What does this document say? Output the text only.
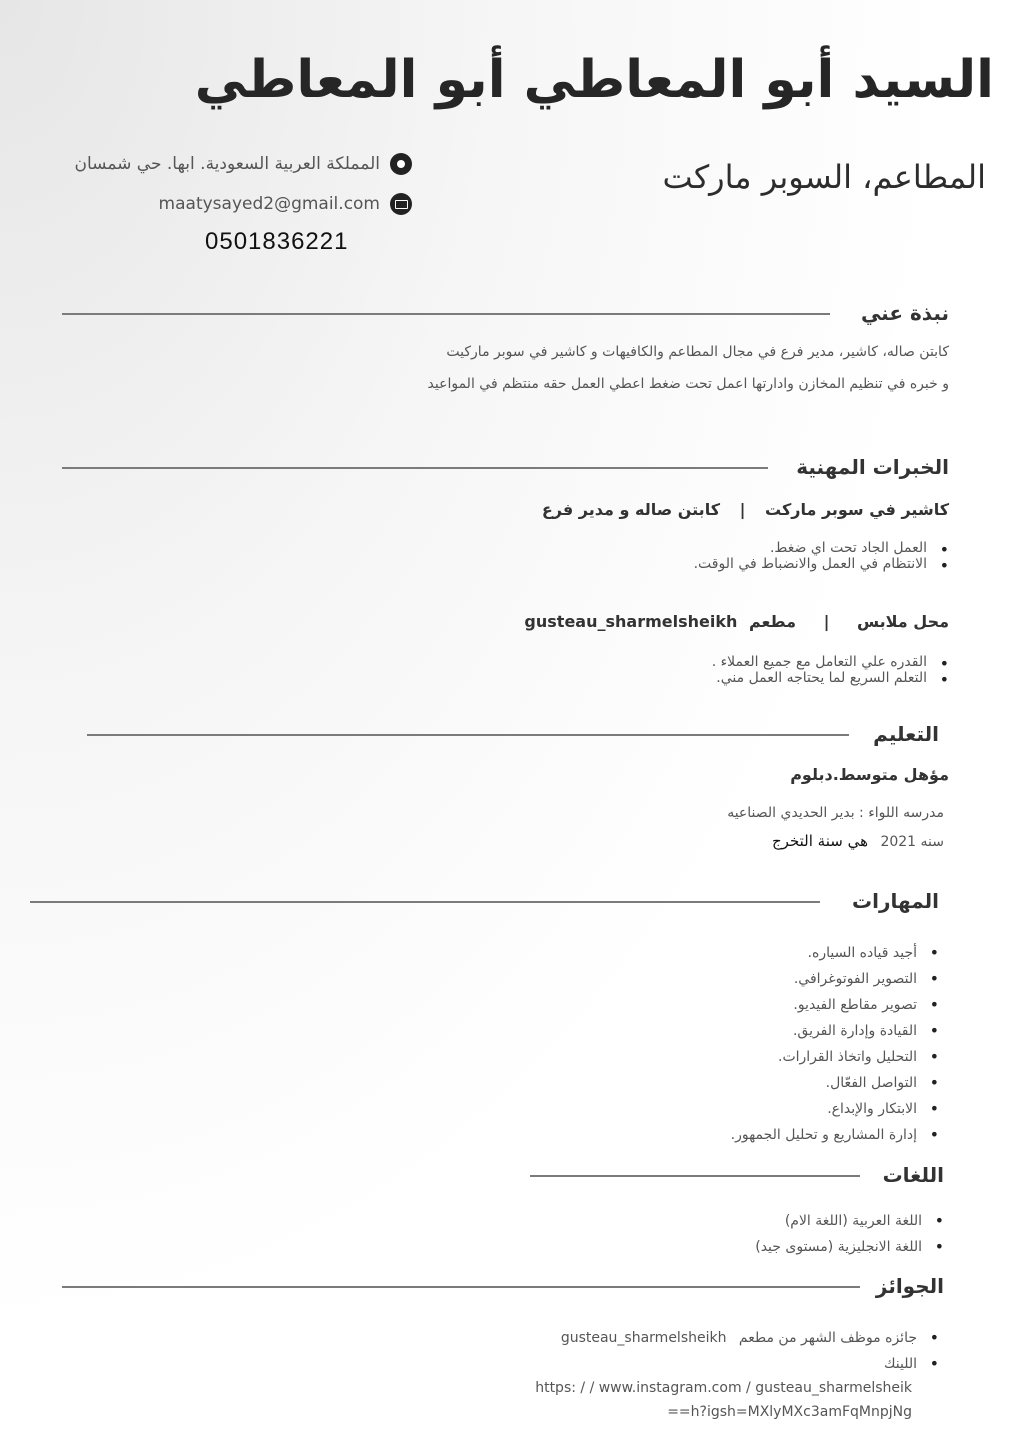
السيد أبو المعاطي أبو المعاطي
المطاعم، السوبر ماركت
المملكة العربية السعودية. ابها. حي شمسان
maatysayed2@gmail.com
0501836221
نبذة عني
كابتن صاله، كاشير، مدير فرع في مجال المطاعم والكافيهات و كاشير في سوبر ماركيت
و خبره في تنظيم المخازن وادارتها اعمل تحت ضغط اعطي العمل حقه منتظم في المواعيد
الخبرات المهنية
كاشير في سوبر ماركت | كابتن صاله و مدير فرع
• العمل الجاد تحت اي ضغط.
• الانتظام في العمل والانضباط في الوقت.
محل ملابس | مطعم gusteau_sharmelsheikh
• القدره علي التعامل مع جميع العملاء .
• التعلم السريع لما يحتاجه العمل مني.
التعليم
مؤهل متوسط.دبلوم
مدرسه اللواء : بدير الحديدي الصناعيه
سنه 2021 هي سنة التخرج
المهارات
• أجيد قياده السياره.
• التصوير الفوتوغرافي.
• تصوير مقاطع الفيديو.
• القيادة وإدارة الفريق.
• التحليل واتخاذ القرارات.
• التواصل الفعّال.
• الابتكار والإبداع.
• إدارة المشاريع و تحليل الجمهور.
اللغات
• اللغة العربية (اللغة الام)
• اللغة الانجليزية (مستوى جيد)
الجوائز
• جائزه موظف الشهر من مطعم gusteau_sharmelsheikh
• اللينك
https: / / www.instagram.com / gusteau_sharmelsheik
==h?igsh=MXlyMXc3amFqMnpjNg
